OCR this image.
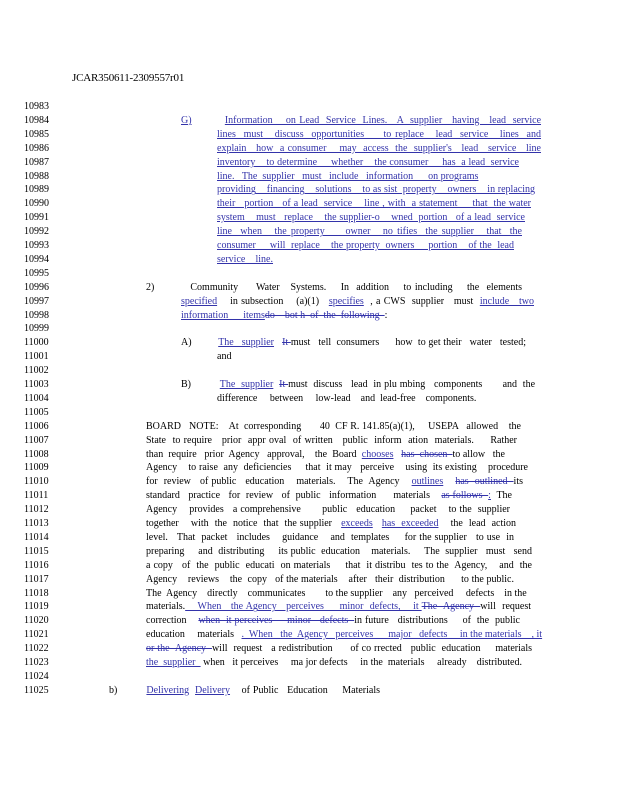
JCAR350611-2309557r01
10983
10984	G)	Information    on Lead  Service  Lines.   A  supplier   having   lead  service
10985	lines  must   discuss  opportunities     to replace   lead  service   lines  and
10986	explain   how  a consumer    may  access  the  supplier's   lead   service   line
10987	inventory    to determine     whether    the consumer     has  a lead  service
10988	line.   The  supplier   must   include   information      on programs
10989	providing    financing    solutions    to as sist  property    owners    in replacing
10990	their   portion   of a lead  service    line , with  a statement     that  the water
10991	system    must   replace    the supplier-o    wned  portion   of a lead  service
10992	line  when   the property     owner   no tifies  the supplier   that  the
10993	consumer     will  replace    the property  owners     portion    of the  lead
10994	service    line.
10995
10996	2)          Community     Water   Systems.    In  addition    to including    the  elements
10997	specified    in subsection    (a)(1)   specifies  , a CWS  supplier   must  include   two
10998	information      itemsdo    bot h  of  the  following  :
10999
11000	A)	The   supplier It must   tell  consumers      how  to get their   water   tested;
11001	and
11002
11003	B)	The  supplier It must  discuss   lead  in plu mbing   components       and  the
11004	difference     between     low-lead    and  lead-free    components.
11005
11006	BOARD   NOTE:    At  corresponding       40  CF R. 141.85(a)(1),     USEPA   allowed    the
11007	State  to require   prior  appr oval  of written   public  inform  ation  materials.     Rather
11008	than  require   prior  Agency   approval,    the  Board  chooses has  chosen  to allow   the
11009	Agency    to raise  any  deficiencies     that  it may   perceive    using  its existing    procedure
11010	for  review   of public   education    materials.    The  Agency    outlines has  outlined  its
11011	standard   practice   for  review   of  public   information      materials    as follows  :  The
11012	Agency    provides   a comprehensive       public   education     packet    to the  supplier
11013	together    with  the  notice  that  the supplier   exceeds has  exceeded    the  lead  action
11014	level.   That  packet   includes    guidance    and  templates     for the supplier   to use  in
11015	preparing     and  distributing     its public  education    materials.     The  supplier   must   send
11016	a copy   of  the  public  educati  on materials     that  it distribu  tes to the  Agency,    and  the
11017	Agency    reviews    the  copy   of the materials    after   their  distribution      to the public.
11018	The  Agency    directly    communicates        to the supplier    any   perceived     defects    in the
11019	materials.    When   the Agency   perceives     minor  defects,    it The  Agency  will  request
11020	correction    when  it perceives     minor   defects  in future   distributions     of  the  public
11021	education     materials   .  When   the  Agency   perceives      major   defects     in the materials    , it
11022	or the  Agency  will  request   a redistribution      of co rrected   public  education     materials
11023	the  supplier   when   it perceives     ma jor defects     in the  materials     already    distributed.
11024
11025	b)	Delivering Delivery    of Public   Education     Materials
